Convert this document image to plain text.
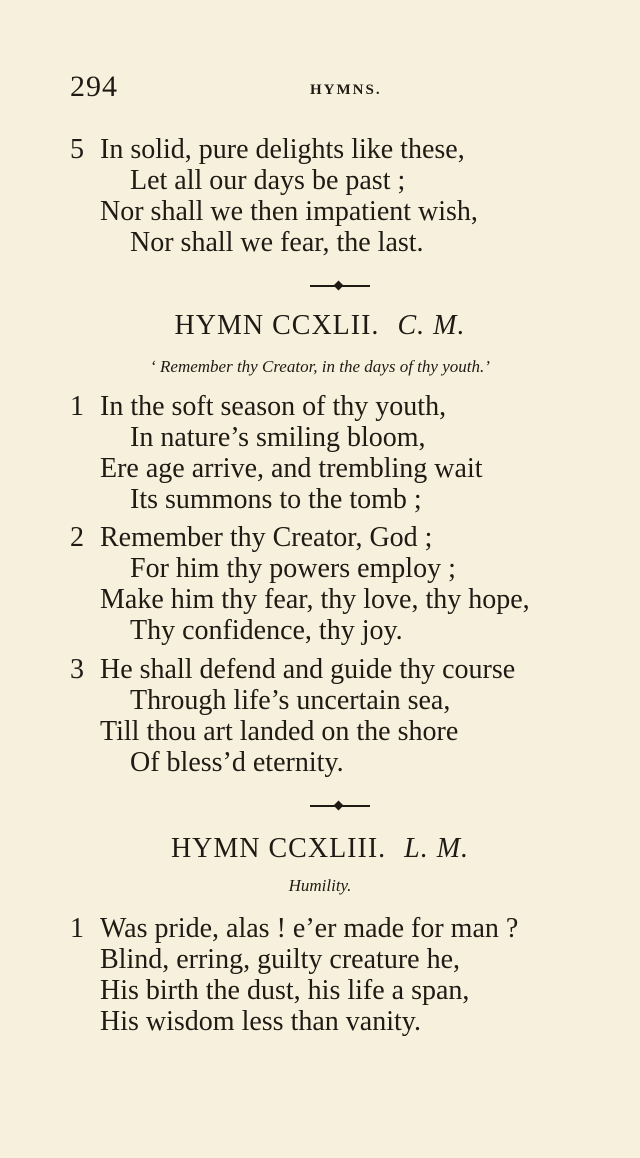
294	HYMNS.
5 In solid, pure delights like these,
Let all our days be past ;
Nor shall we then impatient wish,
Nor shall we fear, the last.
HYMN CCXLII. C. M.
‘ Remember thy Creator, in the days of thy youth.’
1 In the soft season of thy youth,
In nature’s smiling bloom,
Ere age arrive, and trembling wait
Its summons to the tomb ;
2 Remember thy Creator, God ;
For him thy powers employ ;
Make him thy fear, thy love, thy hope,
Thy confidence, thy joy.
3 He shall defend and guide thy course
Through life’s uncertain sea,
Till thou art landed on the shore
Of bless’d eternity.
HYMN CCXLIII. L. M.
Humility.
1 Was pride, alas ! e’er made for man ?
Blind, erring, guilty creature he,
His birth the dust, his life a span,
His wisdom less than vanity.
